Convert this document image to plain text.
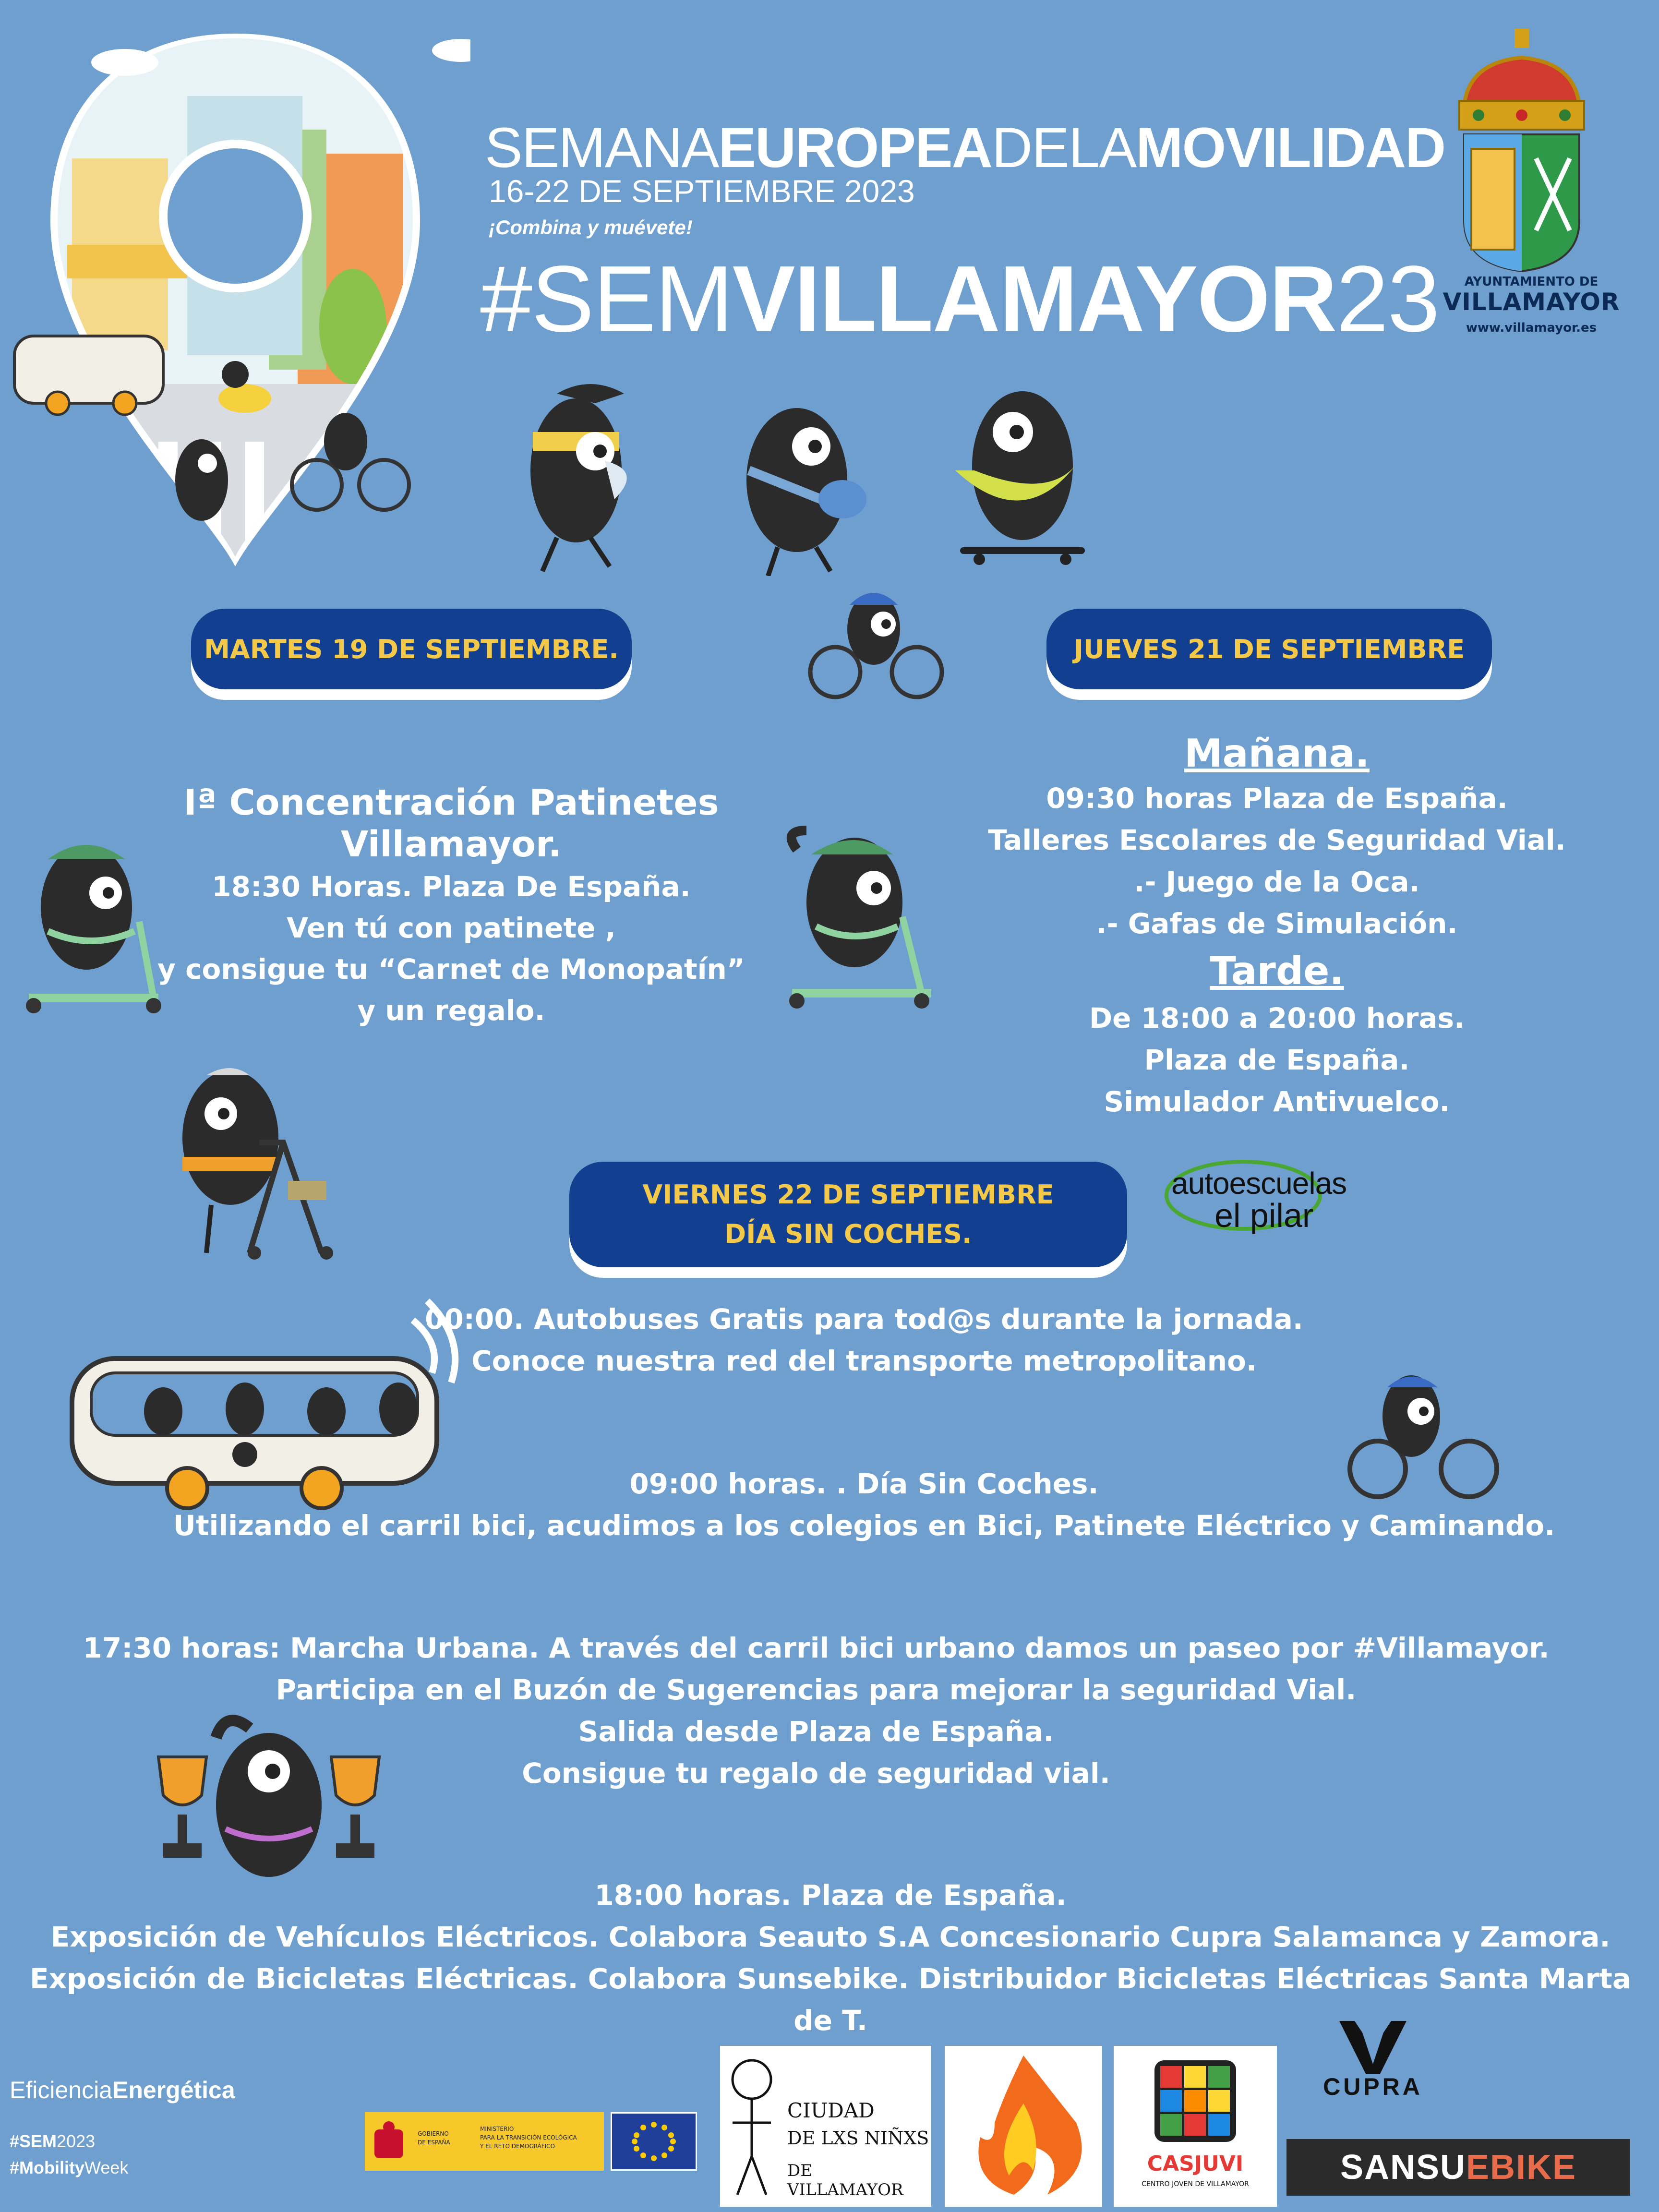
SEMANAEUROPEADELAMOVILIDAD
16-22 DE SEPTIEMBRE 2023
¡Combina y muévete!
#SEMVILLAMAYOR23	AYUNTAMIENTO DE
VILLAMAYOR
www.villamayor.es
MARTES 19 DE SEPTIEMBRE.
Iª Concentración Patinetes
Villamayor.
18:30 Horas. Plaza De España.
Ven tú con patinete ,
y consigue tu “Carnet de Monopatín”
y un regalo.
JUEVES 21 DE SEPTIEMBRE
Mañana.
09:30 horas Plaza de España.
Talleres Escolares de Seguridad Vial.
.- Juego de la Oca.
.- Gafas de Simulación.
Tarde.
De 18:00 a 20:00 horas.
Plaza de España.
Simulador Antivuelco.
autoescuelas
el pilar
VIERNES 22 DE SEPTIEMBRE
DÍA SIN COCHES.
00:00. Autobuses Gratis para tod@s durante la jornada.
Conoce nuestra red del transporte metropolitano.
09:00 horas. . Día Sin Coches.
Utilizando el carril bici, acudimos a los colegios en Bici, Patinete Eléctrico y Caminando.
17:30 horas: Marcha Urbana. A través del carril bici urbano damos un paseo por #Villamayor.
Participa en el Buzón de Sugerencias para mejorar la seguridad Vial.
Salida desde Plaza de España.
Consigue tu regalo de seguridad vial.
18:00 horas. Plaza de España.
Exposición de Vehículos Eléctricos. Colabora Seauto S.A Concesionario Cupra Salamanca y Zamora.
Exposición de Bicicletas Eléctricas. Colabora Sunsebike. Distribuidor Bicicletas Eléctricas Santa Marta de T.
EficienciaEnergética
#SEM2023
#MobilityWeek
GOBIERNO
DE ESPAÑA
MINISTERIO
PARA LA TRANSICIÓN ECOLÓGICA
Y EL RETO DEMOGRÁFICO
CIUDAD
DE LXS NIÑXS
DE VILLAMAYOR
CASJUVI
CENTRO JOVEN DE VILLAMAYOR
CUPRA
SANSU EBIKE
